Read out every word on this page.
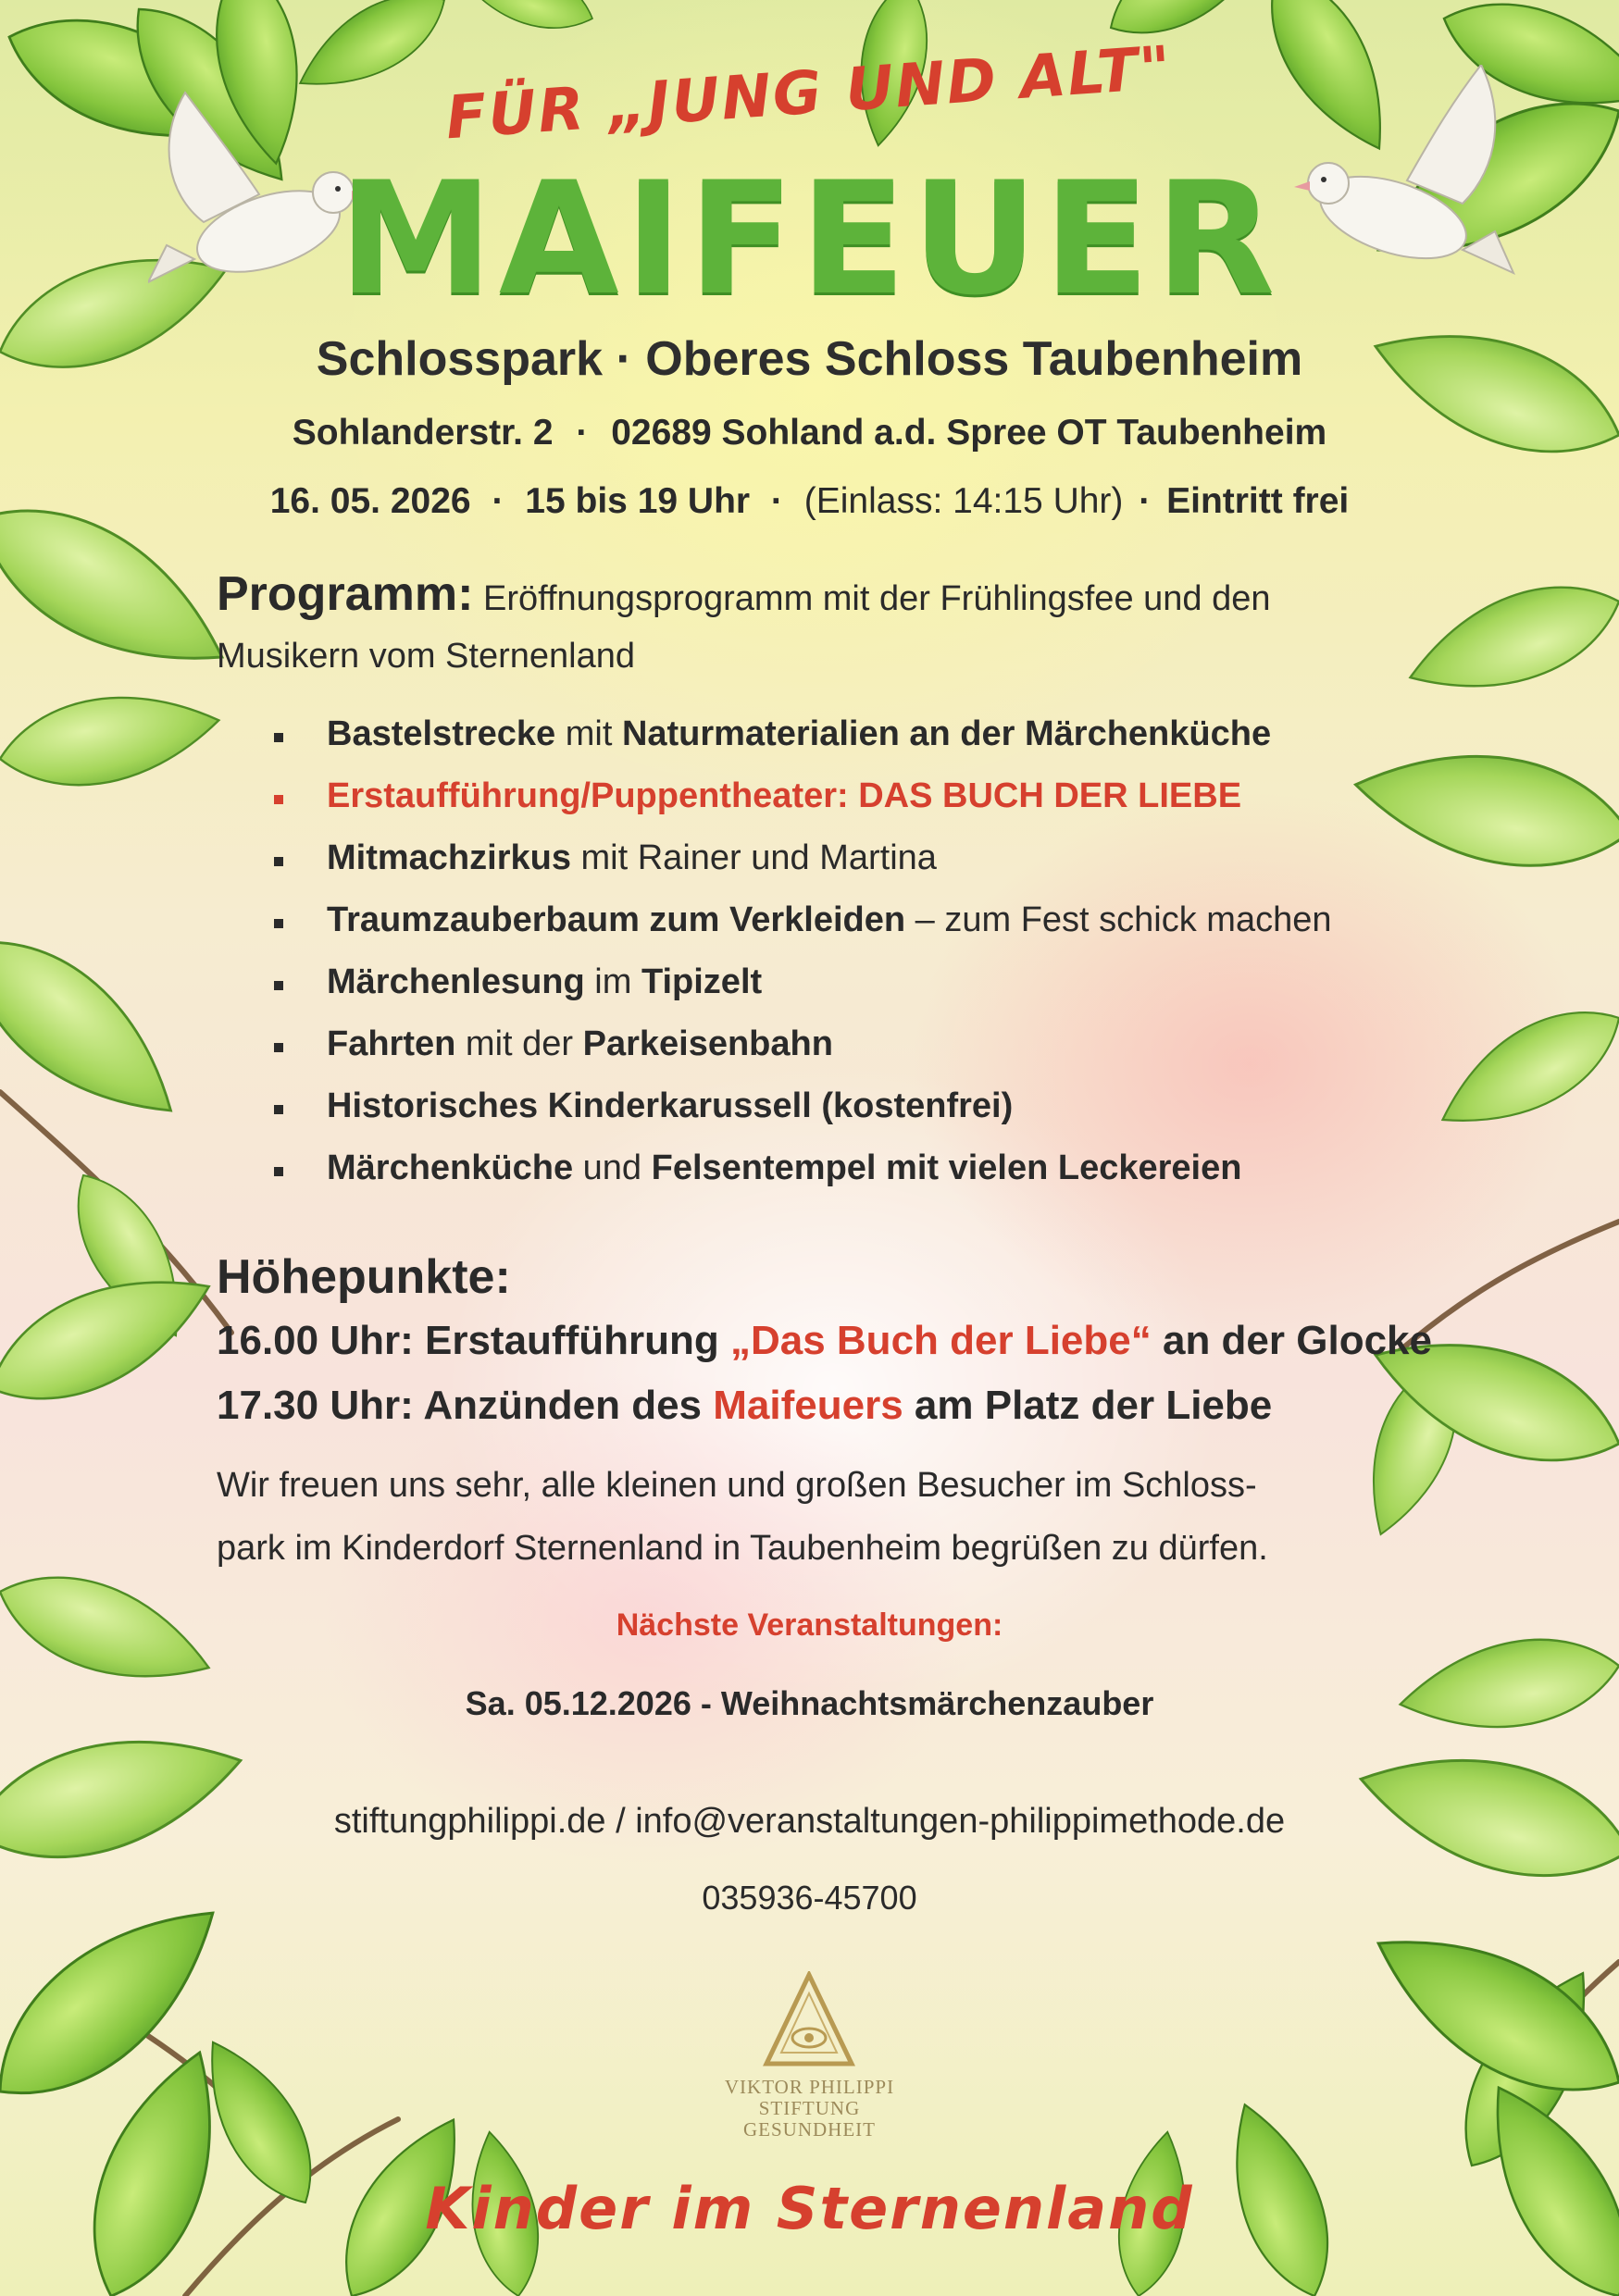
FÜR „JUNG UND ALT"
MAIFEUER
Schlosspark · Oberes Schloss Taubenheim
Sohlanderstr. 2 · 02689 Sohland a.d. Spree OT Taubenheim
16. 05. 2026 · 15 bis 19 Uhr · (Einlass: 14:15 Uhr) · Eintritt frei
Programm: Eröffnungsprogramm mit der Frühlingsfee und den
Musikern vom Sternenland
Bastelstrecke mit Naturmaterialien an der Märchenküche
Erstaufführung/Puppentheater: DAS BUCH DER LIEBE
Mitmachzirkus mit Rainer und Martina
Traumzauberbaum zum Verkleiden – zum Fest schick machen
Märchenlesung im Tipizelt
Fahrten mit der Parkeisenbahn
Historisches Kinderkarussell (kostenfrei)
Märchenküche und Felsentempel mit vielen Leckereien
Höhepunkte:
16.00 Uhr: Erstaufführung „Das Buch der Liebe“ an der Glocke
17.30 Uhr: Anzünden des Maifeuers am Platz der Liebe
Wir freuen uns sehr, alle kleinen und großen Besucher im Schloss-
park im Kinderdorf Sternenland in Taubenheim begrüßen zu dürfen.
Nächste Veranstaltungen:
Sa. 05.12.2026 - Weihnachtsmärchenzauber
stiftungphilippi.de / info@veranstaltungen-philippimethode.de
035936-45700
VIKTOR PHILIPPI
STIFTUNG
GESUNDHEIT
Kinder im Sternenland
